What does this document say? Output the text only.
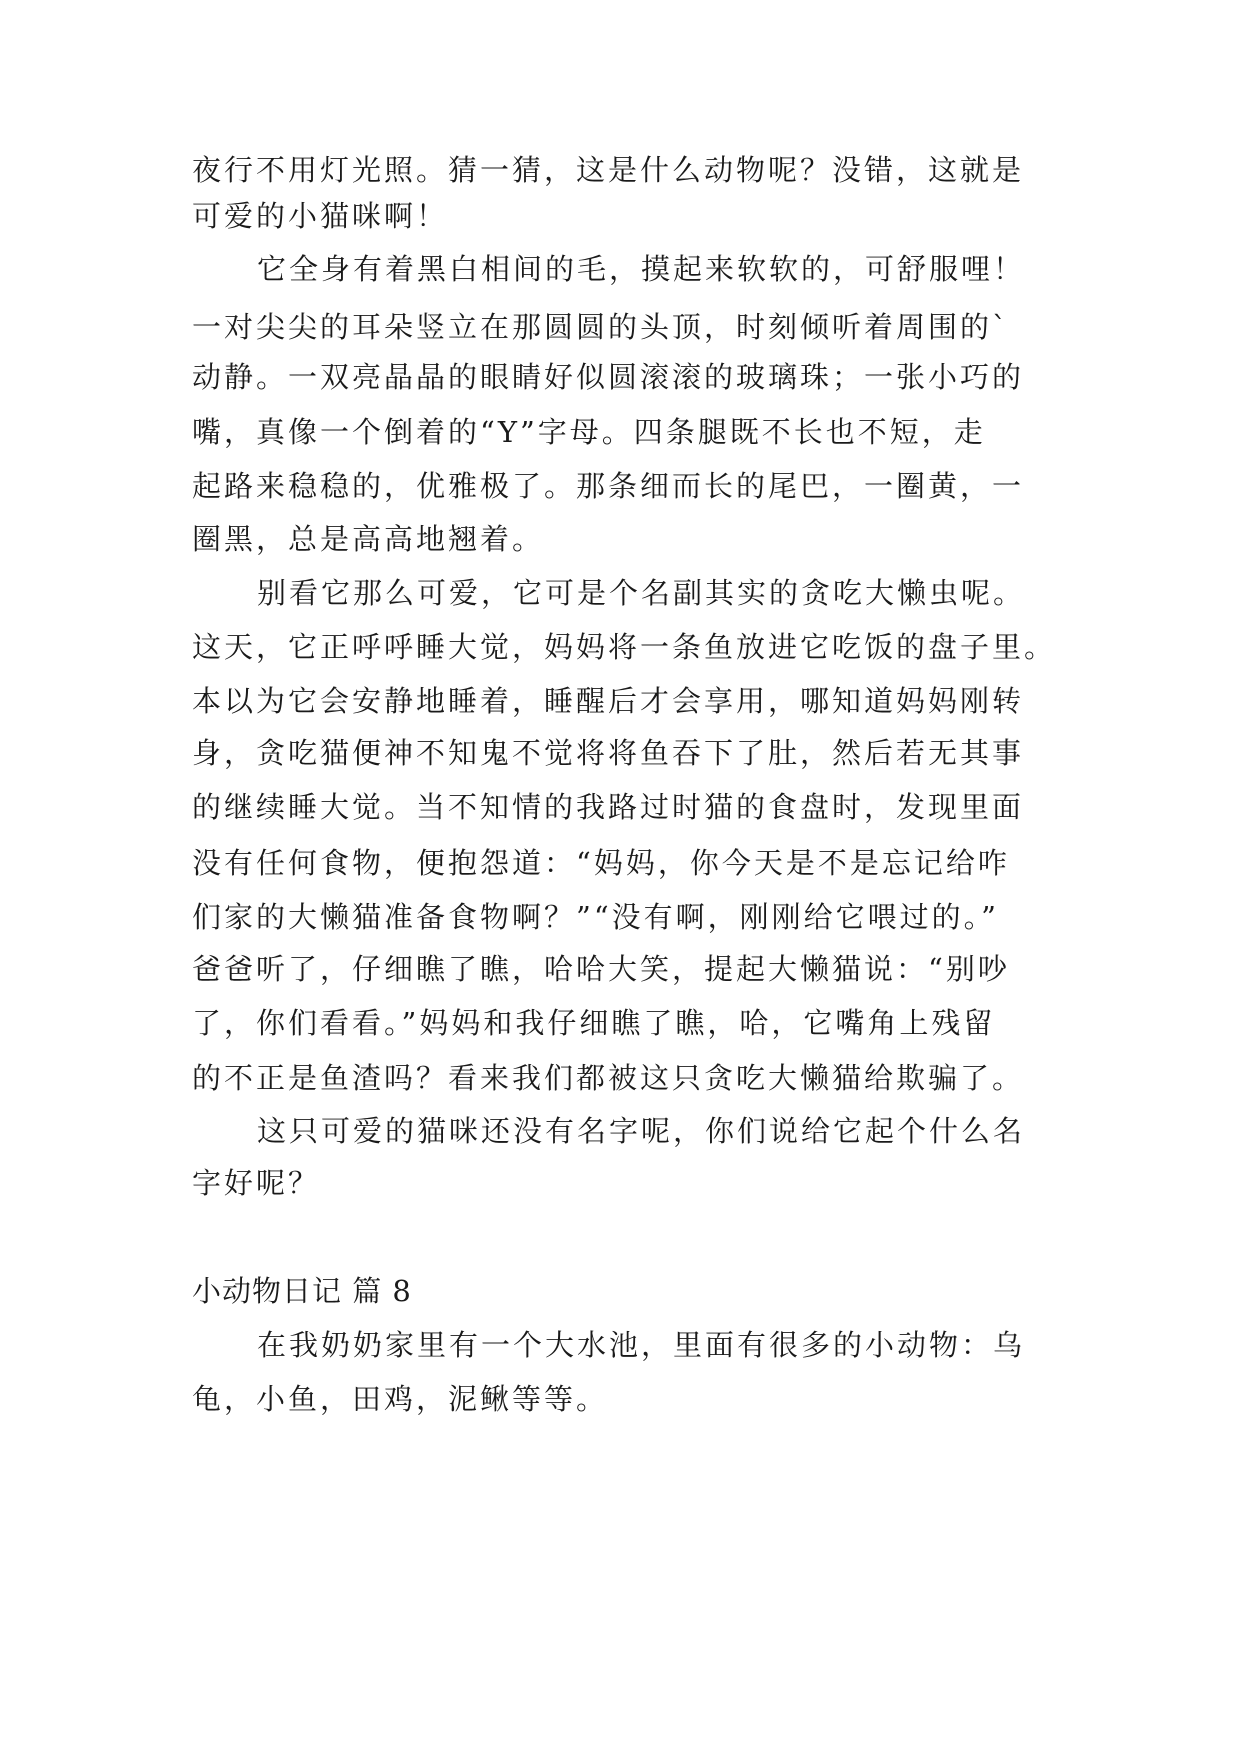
夜行不用灯光照。猜一猜，这是什么动物呢？没错，这就是
可爱的小猫咪啊！
它全身有着黑白相间的毛，摸起来软软的，可舒服哩！
一对尖尖的耳朵竖立在那圆圆的头顶，时刻倾听着周围的`
动静。一双亮晶晶的眼睛好似圆滚滚的玻璃珠；一张小巧的
嘴，真像一个倒着的“Y”字母。四条腿既不长也不短，走
起路来稳稳的，优雅极了。那条细而长的尾巴，一圈黄，一
圈黑，总是高高地翘着。
别看它那么可爱，它可是个名副其实的贪吃大懒虫呢。
这天，它正呼呼睡大觉，妈妈将一条鱼放进它吃饭的盘子里。
本以为它会安静地睡着，睡醒后才会享用，哪知道妈妈刚转
身，贪吃猫便神不知鬼不觉将将鱼吞下了肚，然后若无其事
的继续睡大觉。当不知情的我路过时猫的食盘时，发现里面
没有任何食物，便抱怨道：“妈妈，你今天是不是忘记给咋
们家的大懒猫准备食物啊？”“没有啊，刚刚给它喂过的。”
爸爸听了，仔细瞧了瞧，哈哈大笑，提起大懒猫说：“别吵
了，你们看看。”妈妈和我仔细瞧了瞧，哈，它嘴角上残留
的不正是鱼渣吗？看来我们都被这只贪吃大懒猫给欺骗了。
这只可爱的猫咪还没有名字呢，你们说给它起个什么名
字好呢？
小动物日记 篇 8
在我奶奶家里有一个大水池，里面有很多的小动物：乌
龟，小鱼，田鸡，泥鳅等等。
